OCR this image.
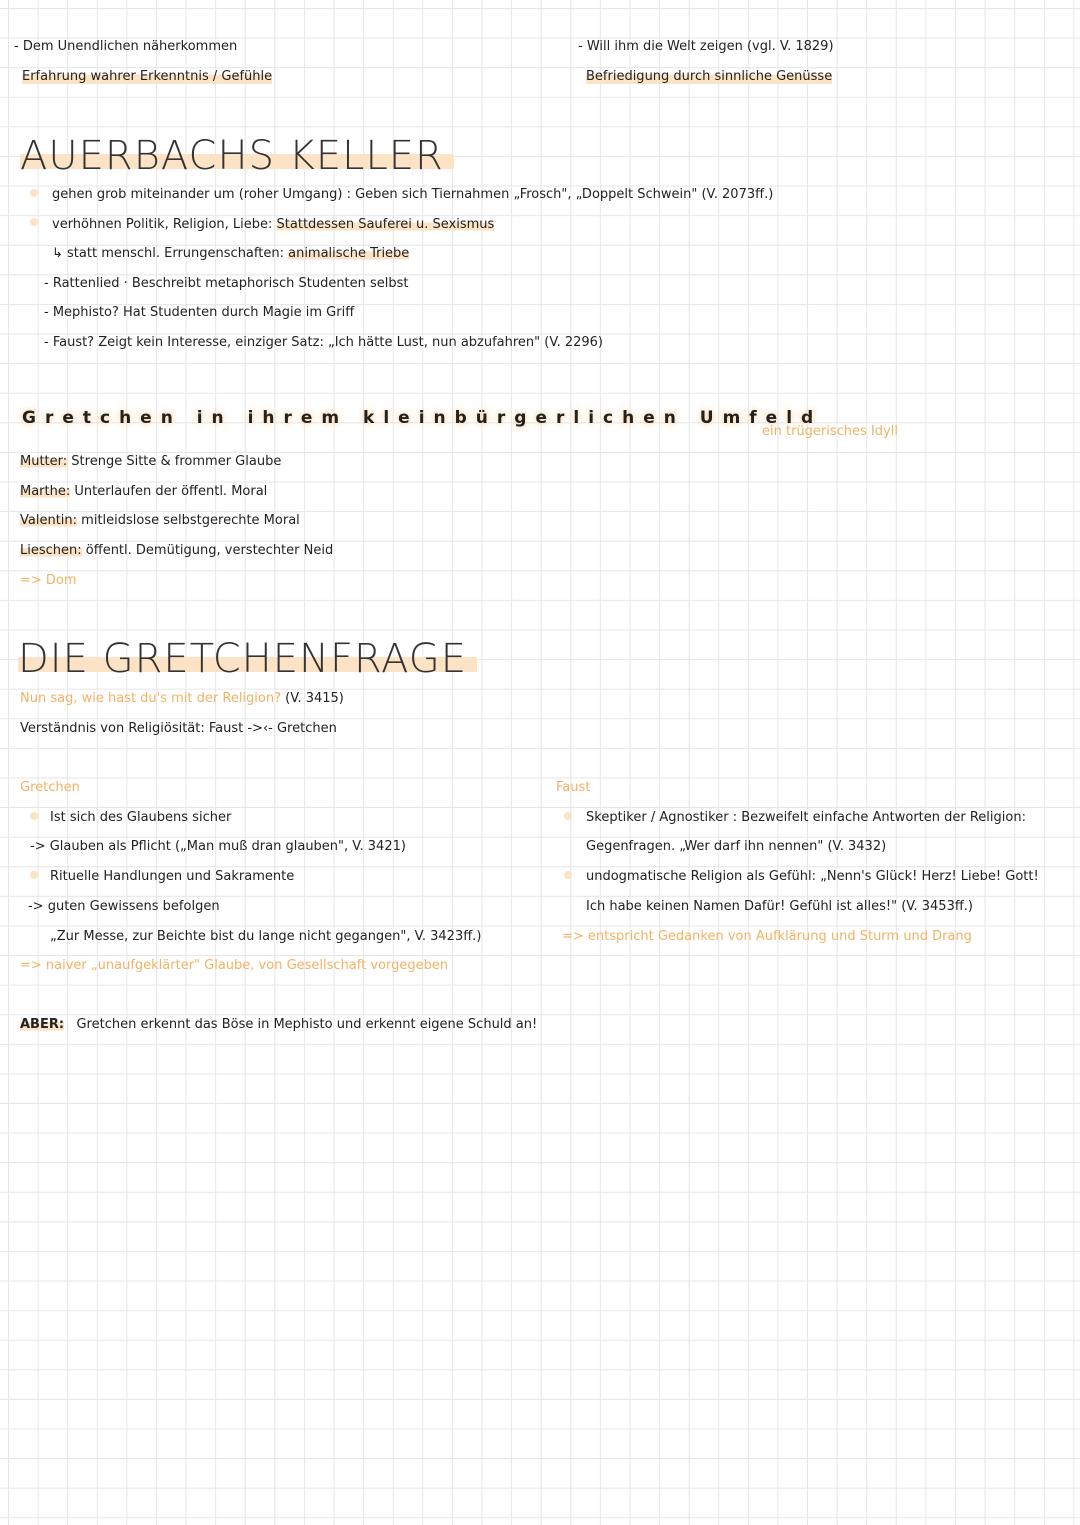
- Dem Unendlichen näherkommen
Erfahrung wahrer Erkenntnis / Gefühle
- Will ihm die Welt zeigen (vgl. V. 1829)
Befriedigung durch sinnliche Genüsse
AUERBACHS KELLER
gehen grob miteinander um (roher Umgang) : Geben sich Tiernahmen „Frosch", „Doppelt Schwein" (V. 2073ff.)
verhöhnen Politik, Religion, Liebe: Stattdessen Sauferei u. Sexismus
↳ statt menschl. Errungenschaften: animalische Triebe
- Rattenlied · Beschreibt metaphorisch Studenten selbst
- Mephisto? Hat Studenten durch Magie im Griff
- Faust? Zeigt kein Interesse, einziger Satz: „Ich hätte Lust, nun abzufahren" (V. 2296)
Gretchen in ihrem kleinbürgerlichen Umfeld
ein trügerisches Idyll
Mutter: Strenge Sitte & frommer Glaube
Marthe: Unterlaufen der öffentl. Moral
Valentin: mitleidslose selbstgerechte Moral
Lieschen: öffentl. Demütigung, verstechter Neid
=> Dom
DIE GRETCHENFRAGE
Nun sag, wie hast du's mit der Religion? (V. 3415)
Verständnis von Religiösität: Faust ->‹- Gretchen
Gretchen
Ist sich des Glaubens sicher
-> Glauben als Pflicht („Man muß dran glauben", V. 3421)
Rituelle Handlungen und Sakramente
-> guten Gewissens befolgen
„Zur Messe, zur Beichte bist du lange nicht gegangen", V. 3423ff.)
=> naiver „unaufgeklärter" Glaube, von Gesellschaft vorgegeben
Faust
Skeptiker / Agnostiker : Bezweifelt einfache Antworten der Religion:
Gegenfragen. „Wer darf ihn nennen" (V. 3432)
undogmatische Religion als Gefühl: „Nenn's Glück! Herz! Liebe! Gott!
Ich habe keinen Namen Dafür! Gefühl ist alles!" (V. 3453ff.)
=> entspricht Gedanken von Aufklärung und Sturm und Drang
ABER: Gretchen erkennt das Böse in Mephisto und erkennt eigene Schuld an!
